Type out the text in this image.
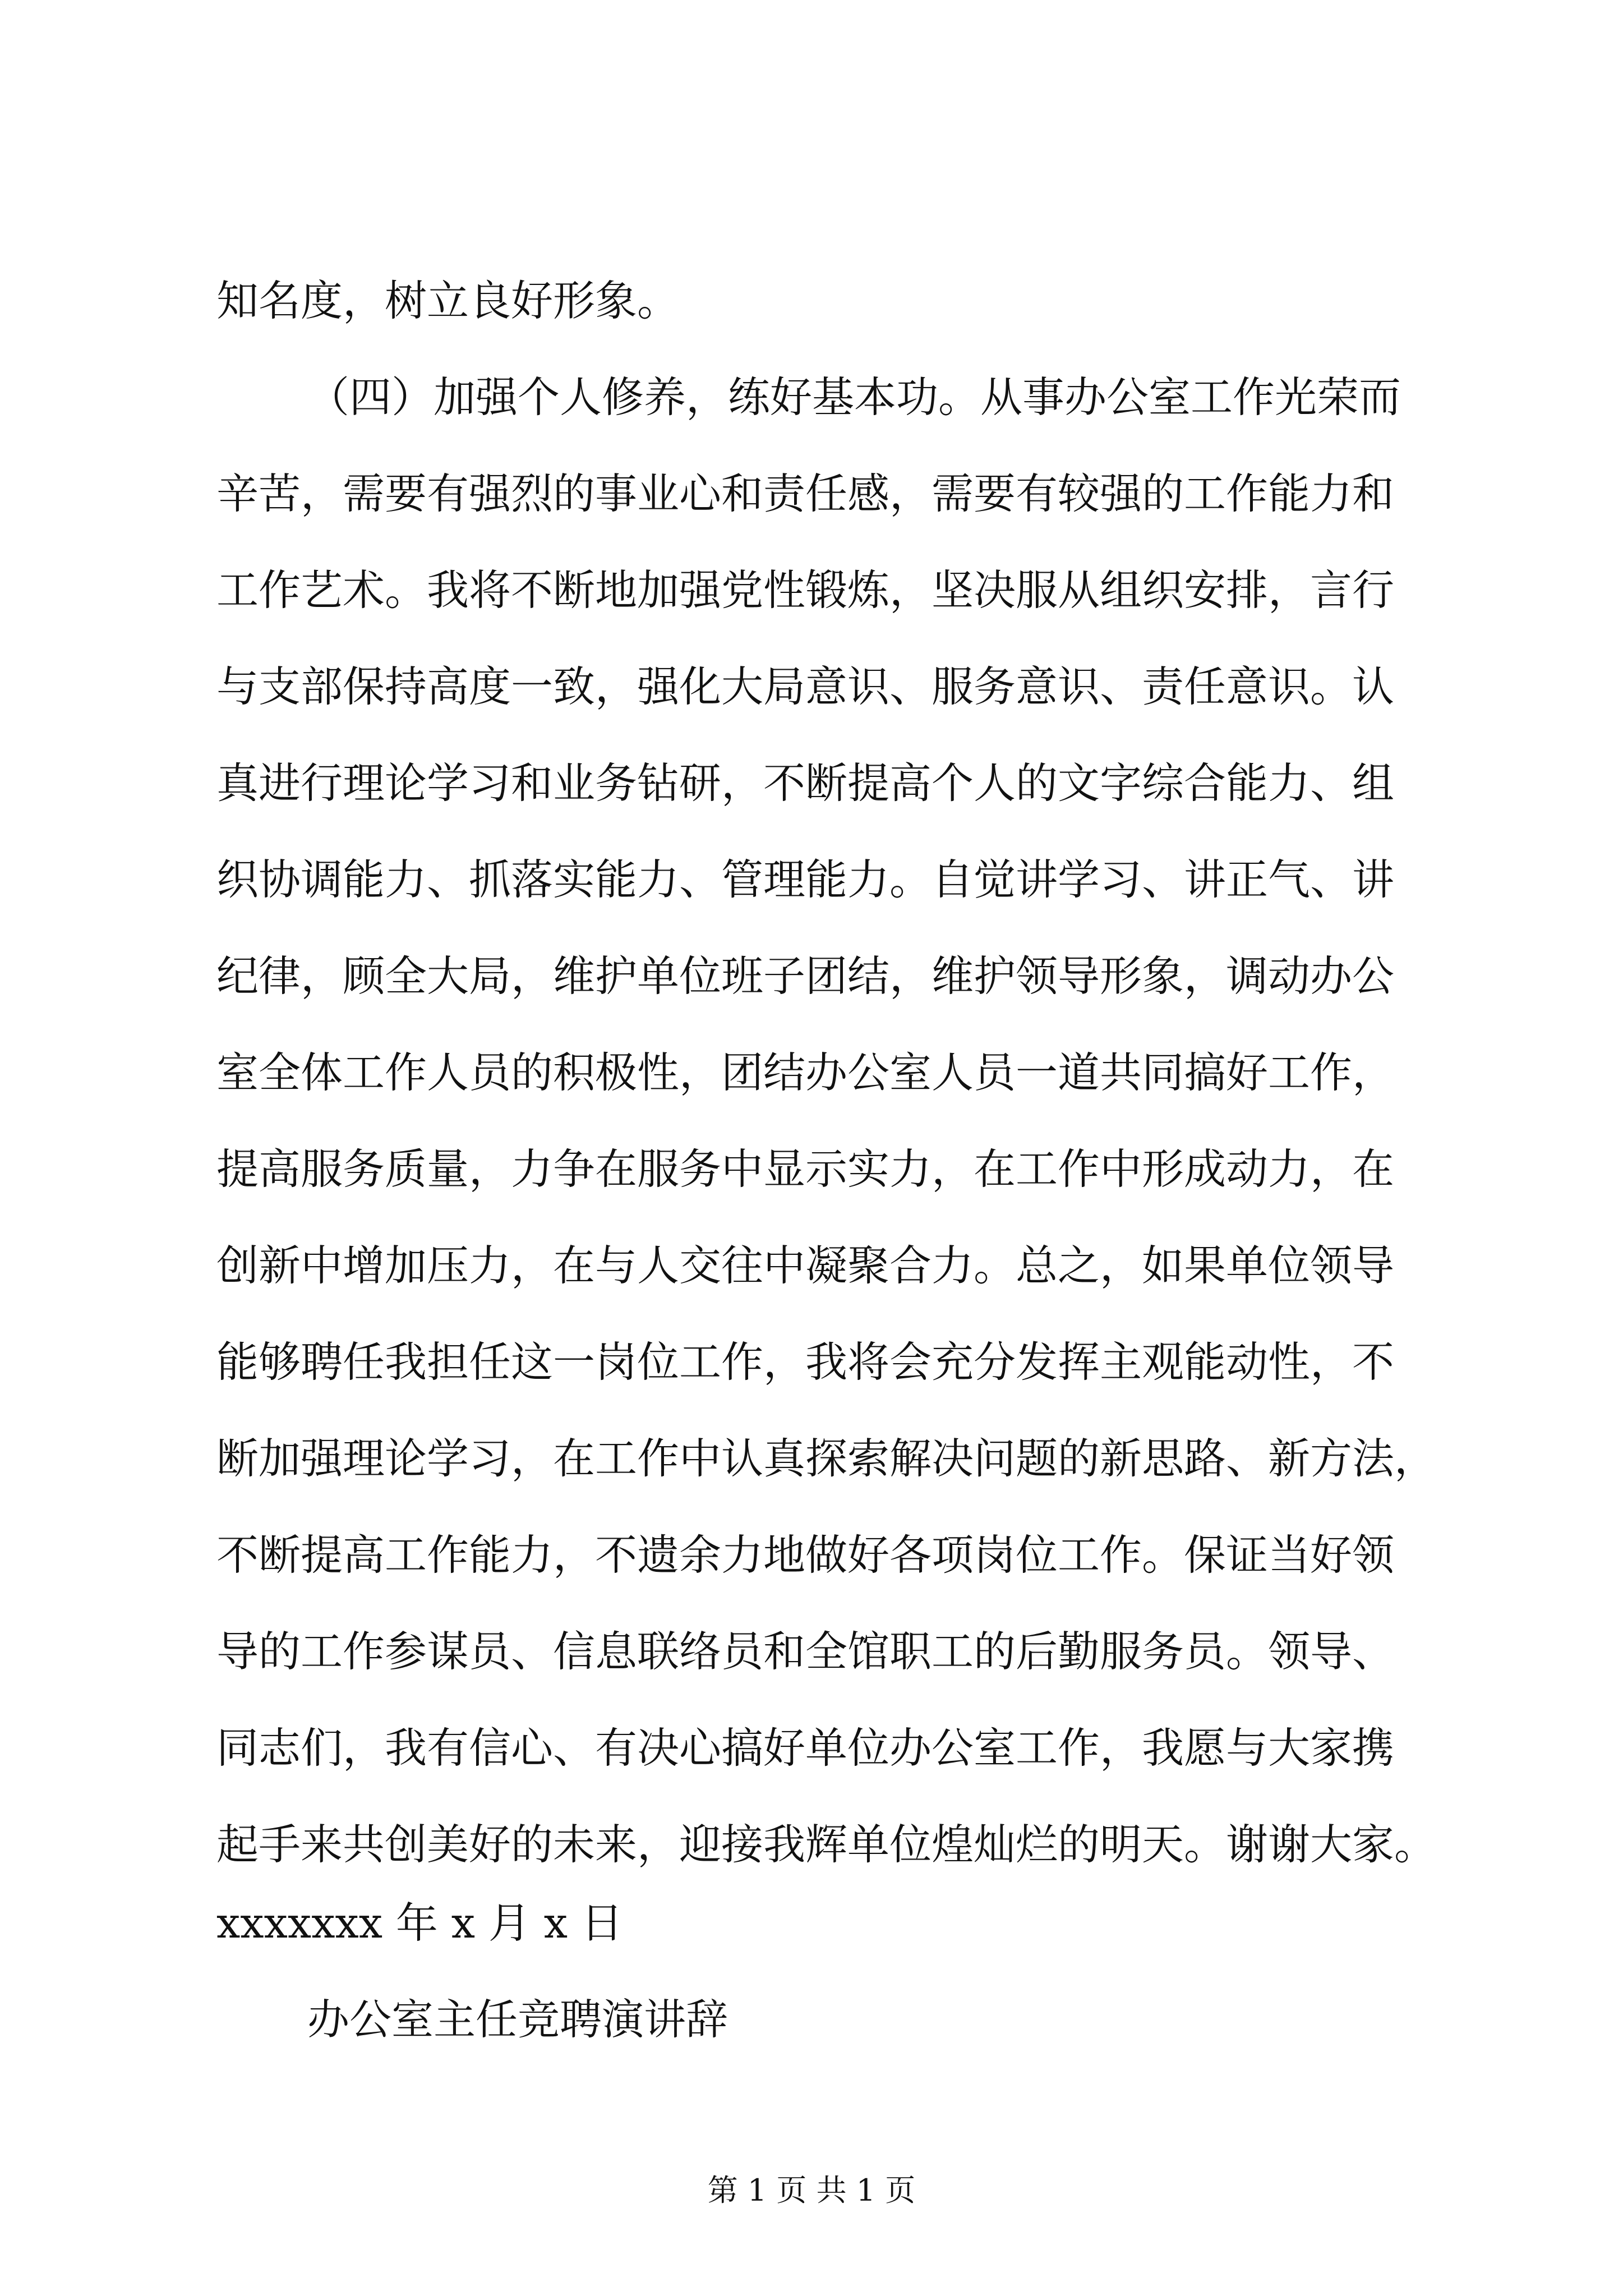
知名度，树立良好形象。
（四）加强个人修养，练好基本功。从事办公室工作光荣而
辛苦，需要有强烈的事业心和责任感，需要有较强的工作能力和
工作艺术。我将不断地加强党性锻炼，坚决服从组织安排，言行
与支部保持高度一致，强化大局意识、服务意识、责任意识。认
真进行理论学习和业务钻研，不断提高个人的文字综合能力、组
织协调能力、抓落实能力、管理能力。自觉讲学习、讲正气、讲
纪律，顾全大局，维护单位班子团结，维护领导形象，调动办公
室全体工作人员的积极性，团结办公室人员一道共同搞好工作，
提高服务质量，力争在服务中显示实力，在工作中形成动力，在
创新中增加压力，在与人交往中凝聚合力。总之，如果单位领导
能够聘任我担任这一岗位工作，我将会充分发挥主观能动性，不
断加强理论学习，在工作中认真探索解决问题的新思路、新方法，
不断提高工作能力，不遗余力地做好各项岗位工作。保证当好领
导的工作参谋员、信息联络员和全馆职工的后勤服务员。领导、
同志们，我有信心、有决心搞好单位办公室工作，我愿与大家携
起手来共创美好的未来，迎接我辉单位煌灿烂的明天。谢谢大家。
xxxxxxx 年 x 月 x 日
办公室主任竞聘演讲辞
第 1 页 共 1 页
